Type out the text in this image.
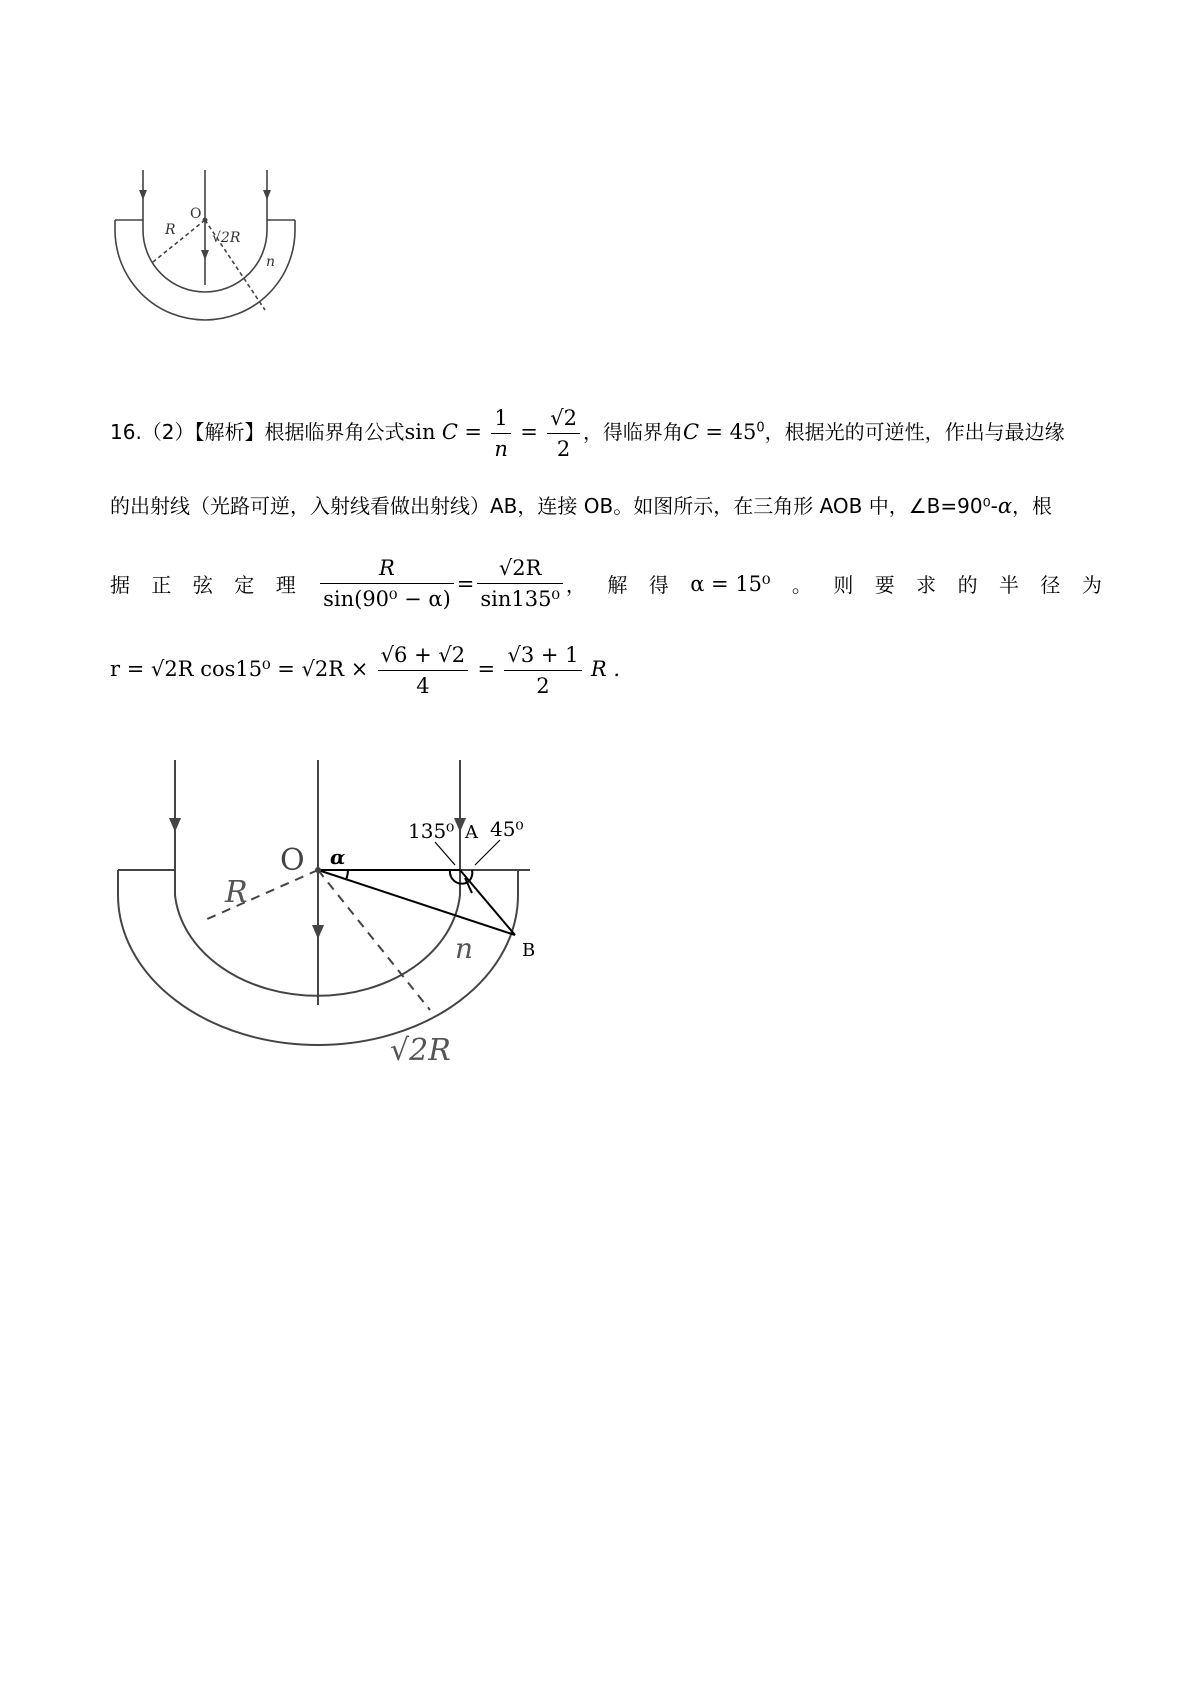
O
R	√2R
n
16.（2）【解析】根据临界角公式$\sin C = \frac{1}{n} = \frac{√2}{2}$ ，得临界角$C = 45^0$，根据光的可逆性，作出与最边缘
的出射线（光路可逆，入射线看做出射线）AB，连接 OB。如图所示，在三角形 AOB 中，∠B=90⁰-α，根
据 正 弦 定 理 $\frac{R}{\text{sin(90⁰ − α)}} = \frac{√2R}{\text{sin135⁰}}$ ， 解 得 α = 15⁰ 。 则 要 求 的 半 径 为
r = √2R $\cos 15^0 = √2R \times \frac{√6 + √2}{4} = \frac{√3 + 1}{2}$ R .
O
R
α
135⁰ A 45⁰
B
n
√2R
